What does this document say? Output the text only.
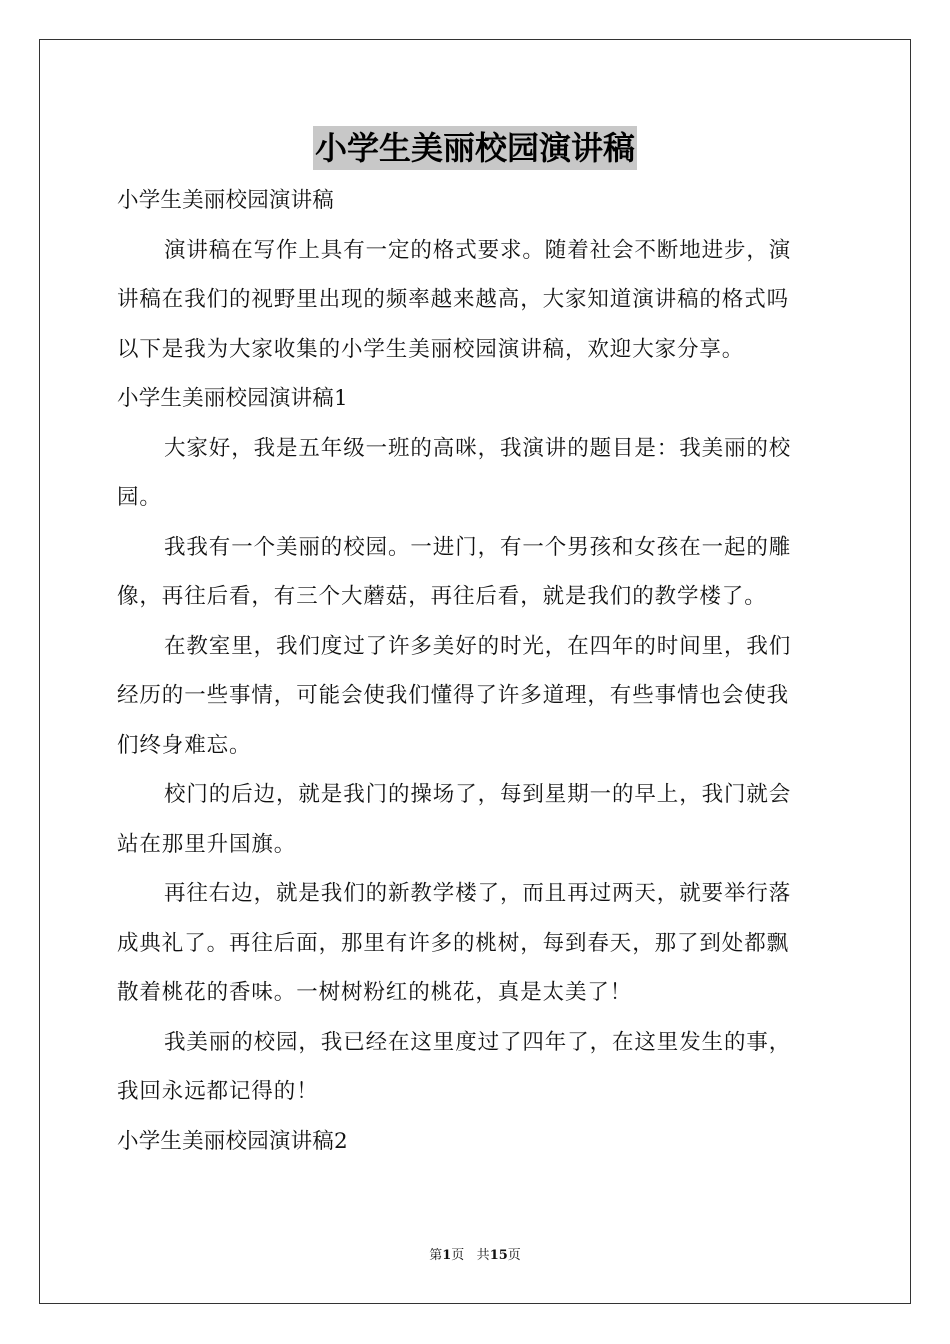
小学生美丽校园演讲稿
小学生美丽校园演讲稿
演讲稿在写作上具有一定的格式要求。随着社会不断地进步，演
讲稿在我们的视野里出现的频率越来越高，大家知道演讲稿的格式吗
以下是我为大家收集的小学生美丽校园演讲稿，欢迎大家分享。
小学生美丽校园演讲稿1
大家好，我是五年级一班的高咪，我演讲的题目是：我美丽的校
园。
我我有一个美丽的校园。一进门，有一个男孩和女孩在一起的雕
像，再往后看，有三个大蘑菇，再往后看，就是我们的教学楼了。
在教室里，我们度过了许多美好的时光，在四年的时间里，我们
经历的一些事情，可能会使我们懂得了许多道理，有些事情也会使我
们终身难忘。
校门的后边，就是我门的操场了，每到星期一的早上，我门就会
站在那里升国旗。
再往右边，就是我们的新教学楼了，而且再过两天，就要举行落
成典礼了。再往后面，那里有许多的桃树，每到春天，那了到处都飘
散着桃花的香味。一树树粉红的桃花，真是太美了！
我美丽的校园，我已经在这里度过了四年了，在这里发生的事，
我回永远都记得的！
小学生美丽校园演讲稿2
第1页 共15页
